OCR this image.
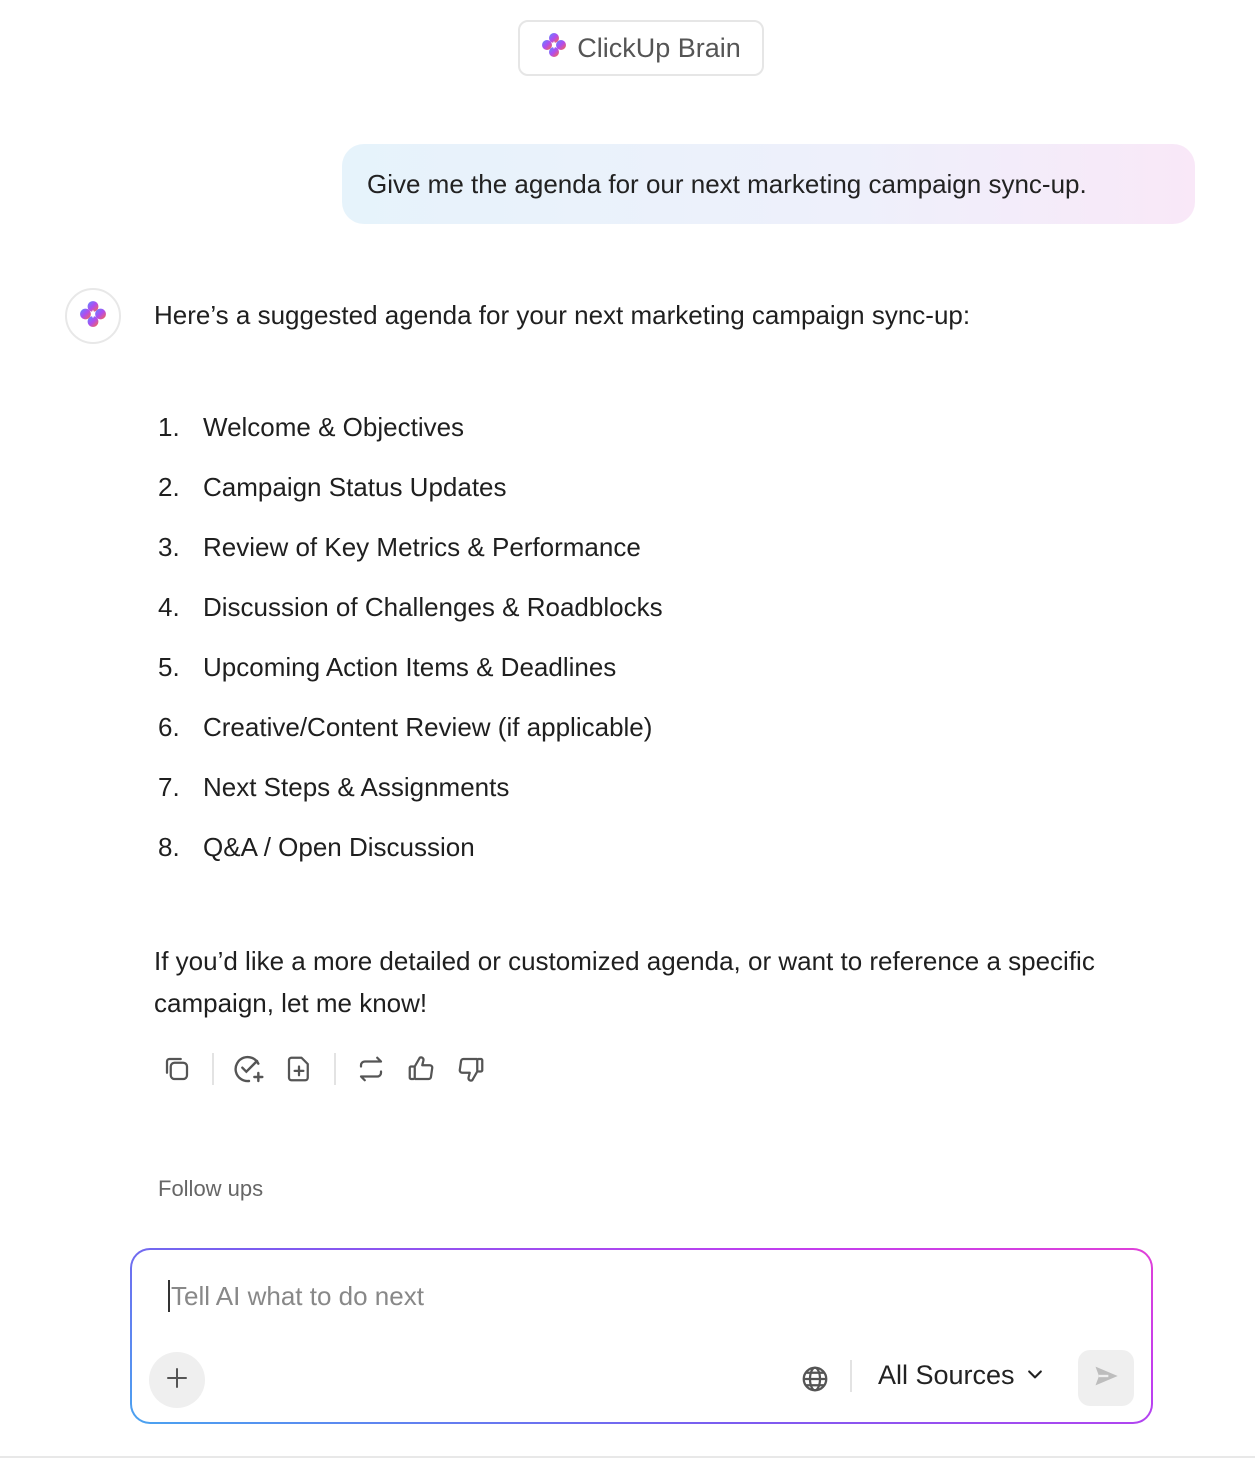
ClickUp Brain
Give me the agenda for our next marketing campaign sync-up.
Here’s a suggested agenda for your next marketing campaign sync-up:
1. Welcome & Objectives
2. Campaign Status Updates
3. Review of Key Metrics & Performance
4. Discussion of Challenges & Roadblocks
5. Upcoming Action Items & Deadlines
6. Creative/Content Review (if applicable)
7. Next Steps & Assignments
8. Q&A / Open Discussion
If you’d like a more detailed or customized agenda, or want to reference a specific campaign, let me know!
Follow ups
Tell AI what to do next
All Sources
